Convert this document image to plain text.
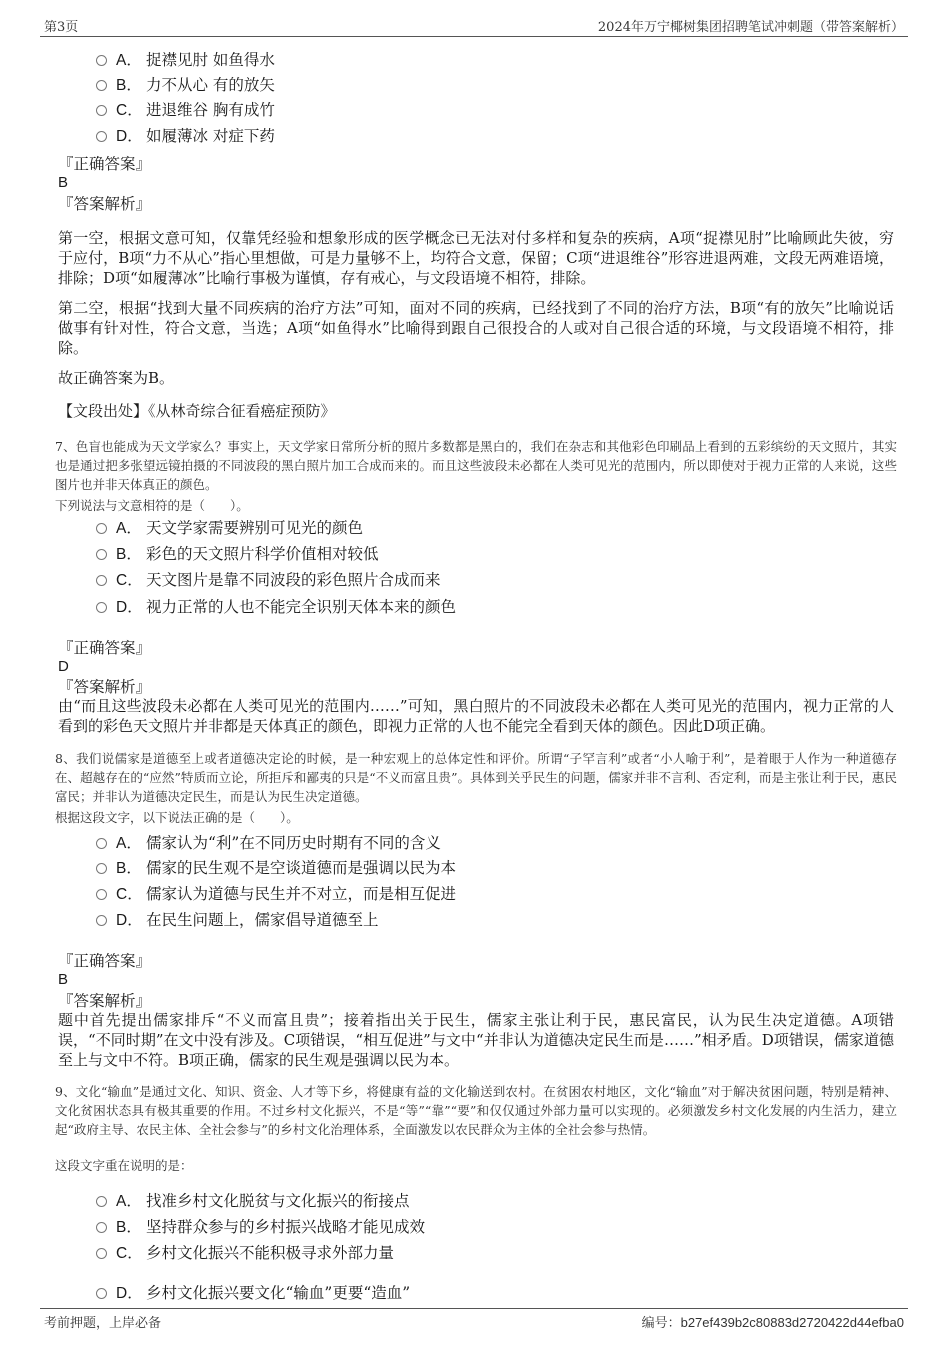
第3页	2024年万宁椰树集团招聘笔试冲刺题（带答案解析）
A． 捉襟见肘 如鱼得水
B． 力不从心 有的放矢
C． 进退维谷 胸有成竹
D． 如履薄冰 对症下药
『正确答案』
B
『答案解析』
第一空，根据文意可知，仅靠凭经验和想象形成的医学概念已无法对付多样和复杂的疾病，A项“捉襟见肘”比喻顾此失彼，穷于应付，B项“力不从心”指心里想做，可是力量够不上，均符合文意，保留；C项“进退维谷”形容进退两难，文段无两难语境，排除；D项“如履薄冰”比喻行事极为谨慎，存有戒心，与文段语境不相符，排除。
第二空，根据“找到大量不同疾病的治疗方法”可知，面对不同的疾病，已经找到了不同的治疗方法，B项“有的放矢”比喻说话做事有针对性，符合文意，当选；A项“如鱼得水”比喻得到跟自己很投合的人或对自己很合适的环境，与文段语境不相符，排除。
故正确答案为B。
【文段出处】《从林奇综合征看癌症预防》
7、色盲也能成为天文学家么？事实上，天文学家日常所分析的照片多数都是黑白的，我们在杂志和其他彩色印刷品上看到的五彩缤纷的天文照片，其实也是通过把多张望远镜拍摄的不同波段的黑白照片加工合成而来的。而且这些波段未必都在人类可见光的范围内，所以即使对于视力正常的人来说，这些图片也并非天体真正的颜色。
下列说法与文意相符的是（　　）。
A． 天文学家需要辨别可见光的颜色
B． 彩色的天文照片科学价值相对较低
C． 天文图片是靠不同波段的彩色照片合成而来
D． 视力正常的人也不能完全识别天体本来的颜色
『正确答案』
D
『答案解析』
由“而且这些波段未必都在人类可见光的范围内……”可知，黑白照片的不同波段未必都在人类可见光的范围内，视力正常的人看到的彩色天文照片并非都是天体真正的颜色，即视力正常的人也不能完全看到天体的颜色。因此D项正确。
8、我们说儒家是道德至上或者道德决定论的时候，是一种宏观上的总体定性和评价。所谓“子罕言利”或者“小人喻于利”，是着眼于人作为一种道德存在、超越存在的“应然”特质而立论，所拒斥和鄙夷的只是“不义而富且贵”。具体到关乎民生的问题，儒家并非不言利、否定利，而是主张让利于民，惠民富民；并非认为道德决定民生，而是认为民生决定道德。
根据这段文字，以下说法正确的是（　　）。
A． 儒家认为“利”在不同历史时期有不同的含义
B． 儒家的民生观不是空谈道德而是强调以民为本
C． 儒家认为道德与民生并不对立，而是相互促进
D． 在民生问题上，儒家倡导道德至上
『正确答案』
B
『答案解析』
题中首先提出儒家排斥“不义而富且贵”；接着指出关于民生，儒家主张让利于民，惠民富民，认为民生决定道德。A项错误，“不同时期”在文中没有涉及。C项错误，“相互促进”与文中“并非认为道德决定民生而是……”相矛盾。D项错误，儒家道德至上与文中不符。B项正确，儒家的民生观是强调以民为本。
9、文化“输血”是通过文化、知识、资金、人才等下乡，将健康有益的文化输送到农村。在贫困农村地区，文化“输血”对于解决贫困问题，特别是精神、文化贫困状态具有极其重要的作用。不过乡村文化振兴，不是“等”“靠”“要”和仅仅通过外部力量可以实现的。必须激发乡村文化发展的内生活力，建立起“政府主导、农民主体、全社会参与”的乡村文化治理体系，全面激发以农民群众为主体的全社会参与热情。
这段文字重在说明的是：
A． 找准乡村文化脱贫与文化振兴的衔接点
B． 坚持群众参与的乡村振兴战略才能见成效
C． 乡村文化振兴不能积极寻求外部力量
D． 乡村文化振兴要文化“输血”更要“造血”
考前押题，上岸必备	编号：b27ef439b2c80883d2720422d44efba0
